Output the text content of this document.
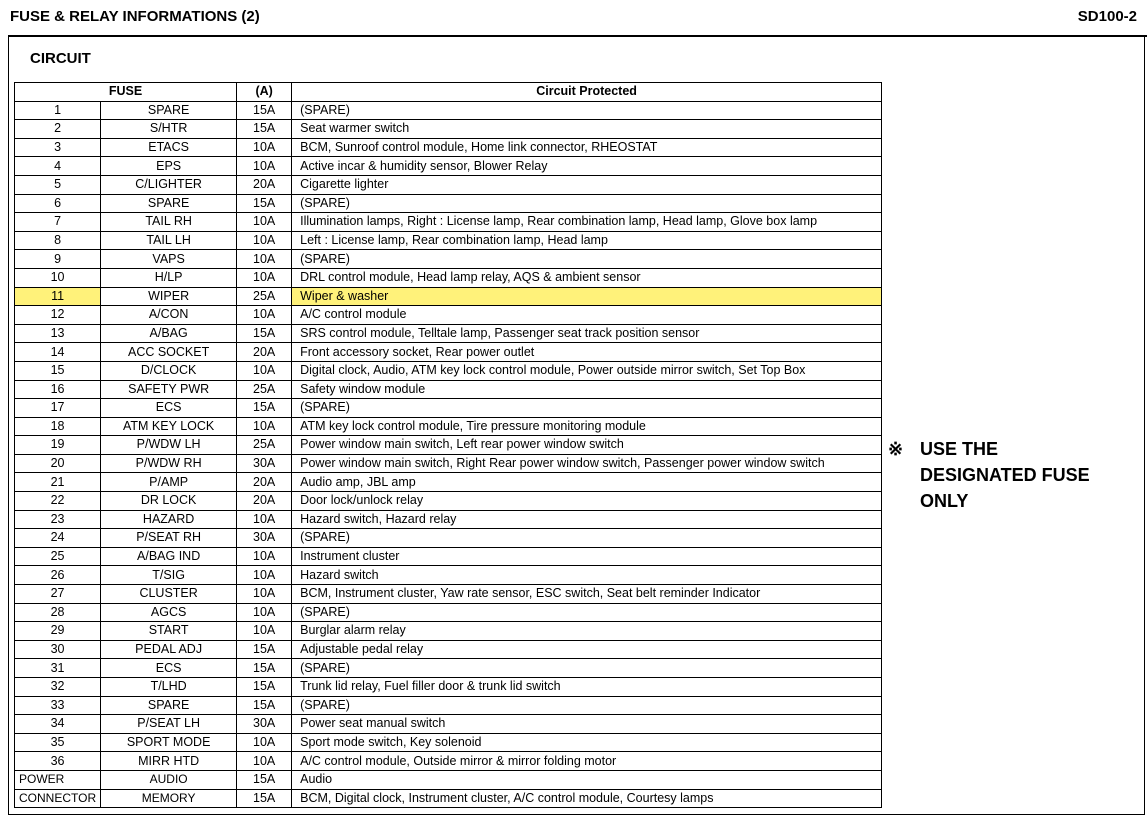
FUSE & RELAY INFORMATIONS (2)	SD100-2
CIRCUIT
FUSE		(A)	Circuit Protected
1	SPARE	15A	(SPARE)
2	S/HTR	15A	Seat warmer switch
3	ETACS	10A	BCM, Sunroof control module, Home link connector, RHEOSTAT
4	EPS	10A	Active incar & humidity sensor, Blower Relay
5	C/LIGHTER	20A	Cigarette lighter
6	SPARE	15A	(SPARE)
7	TAIL RH	10A	Illumination lamps, Right : License lamp, Rear combination lamp, Head lamp, Glove box lamp
8	TAIL LH	10A	Left : License lamp, Rear combination lamp, Head lamp
9	VAPS	10A	(SPARE)
10	H/LP	10A	DRL control module, Head lamp relay, AQS & ambient sensor
11	WIPER	25A	Wiper & washer
12	A/CON	10A	A/C control module
13	A/BAG	15A	SRS control module, Telltale lamp, Passenger seat track position sensor
14	ACC SOCKET	20A	Front accessory socket, Rear power outlet
15	D/CLOCK	10A	Digital clock, Audio, ATM key lock control module, Power outside mirror switch, Set Top Box
16	SAFETY PWR	25A	Safety window module
17	ECS	15A	(SPARE)
18	ATM KEY LOCK	10A	ATM key lock control module, Tire pressure monitoring module
19	P/WDW LH	25A	Power window main switch, Left rear power window switch
20	P/WDW RH	30A	Power window main switch, Right Rear power window switch, Passenger power window switch
21	P/AMP	20A	Audio amp, JBL amp
22	DR LOCK	20A	Door lock/unlock relay
23	HAZARD	10A	Hazard switch, Hazard relay
24	P/SEAT RH	30A	(SPARE)
25	A/BAG IND	10A	Instrument cluster
26	T/SIG	10A	Hazard switch
27	CLUSTER	10A	BCM, Instrument cluster, Yaw rate sensor, ESC switch, Seat belt reminder Indicator
28	AGCS	10A	(SPARE)
29	START	10A	Burglar alarm relay
30	PEDAL ADJ	15A	Adjustable pedal relay
31	ECS	15A	(SPARE)
32	T/LHD	15A	Trunk lid relay, Fuel filler door & trunk lid switch
33	SPARE	15A	(SPARE)
34	P/SEAT LH	30A	Power seat manual switch
35	SPORT MODE	10A	Sport mode switch, Key solenoid
36	MIRR HTD	10A	A/C control module, Outside mirror & mirror folding motor
POWER	AUDIO	15A	Audio
CONNECTOR	MEMORY	15A	BCM, Digital clock, Instrument cluster, A/C control module, Courtesy lamps
※ USE THE
DESIGNATED FUSE
ONLY
